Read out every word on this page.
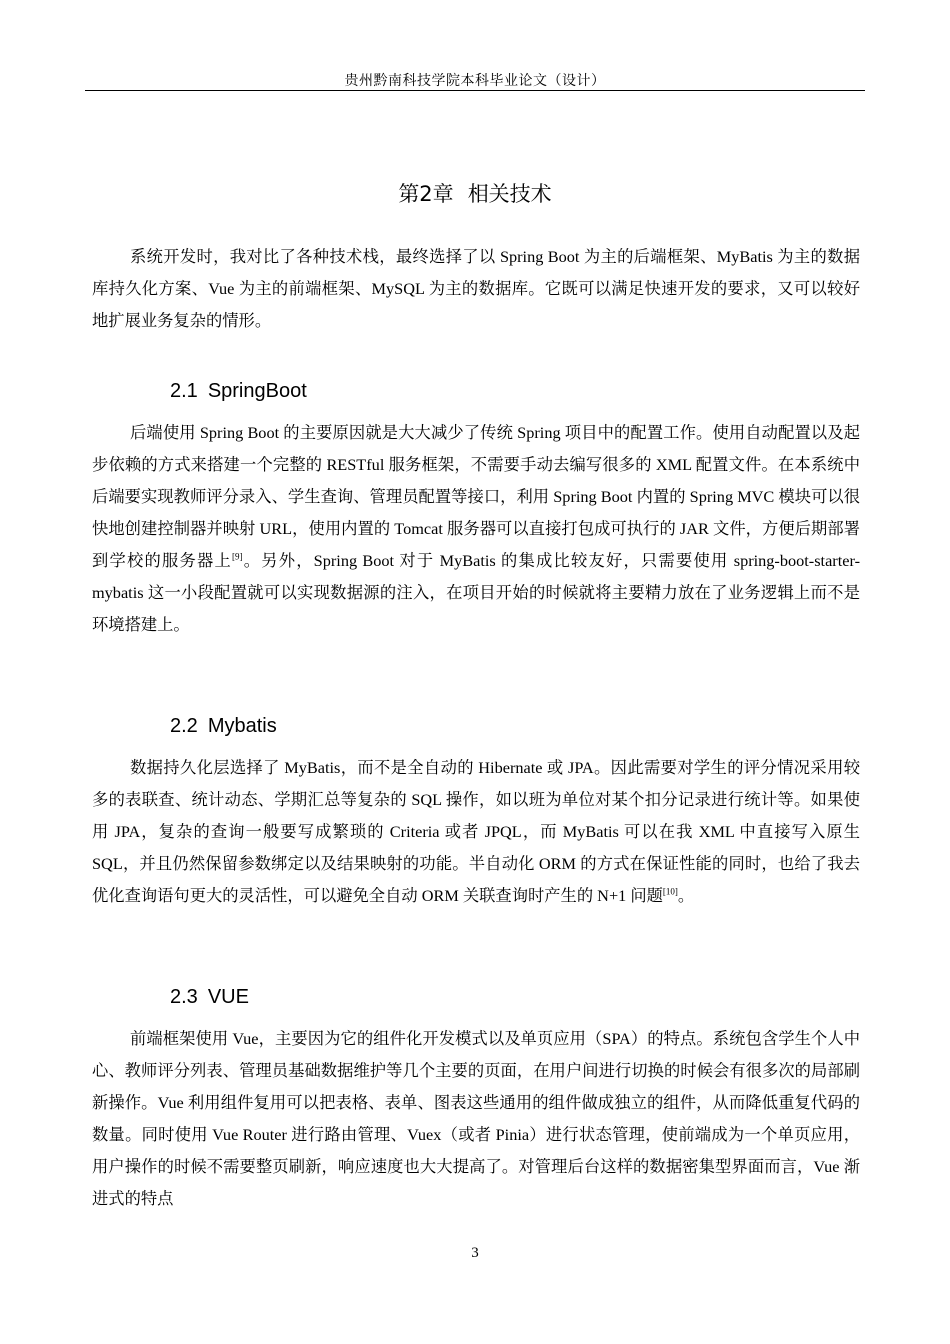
贵州黔南科技学院本科毕业论文（设计）
第2章 相关技术

系统开发时，我对比了各种技术栈，最终选择了以 Spring Boot 为主的后端框架、MyBatis 为主的数据库持久化方案、Vue 为主的前端框架、MySQL 为主的数据库。它既可以满足快速开发的要求，又可以较好地扩展业务复杂的情形。

2.1 SpringBoot

后端使用 Spring Boot 的主要原因就是大大减少了传统 Spring 项目中的配置工作。使用自动配置以及起步依赖的方式来搭建一个完整的 RESTful 服务框架，不需要手动去编写很多的 XML 配置文件。在本系统中后端要实现教师评分录入、学生查询、管理员配置等接口，利用 Spring Boot 内置的 Spring MVC 模块可以很快地创建控制器并映射 URL，使用内置的 Tomcat 服务器可以直接打包成可执行的 JAR 文件，方便后期部署到学校的服务器上[9]。另外，Spring Boot 对于 MyBatis 的集成比较友好，只需要使用 spring-boot-starter-mybatis 这一小段配置就可以实现数据源的注入，在项目开始的时候就将主要精力放在了业务逻辑上而不是环境搭建上。

2.2 Mybatis

数据持久化层选择了 MyBatis，而不是全自动的 Hibernate 或 JPA。因此需要对学生的评分情况采用较多的表联查、统计动态、学期汇总等复杂的 SQL 操作，如以班为单位对某个扣分记录进行统计等。如果使用 JPA，复杂的查询一般要写成繁琐的 Criteria 或者 JPQL，而 MyBatis 可以在我 XML 中直接写入原生 SQL，并且仍然保留参数绑定以及结果映射的功能。半自动化 ORM 的方式在保证性能的同时，也给了我去优化查询语句更大的灵活性，可以避免全自动 ORM 关联查询时产生的 N+1 问题[10]。

2.3 VUE

前端框架使用 Vue，主要因为它的组件化开发模式以及单页应用（SPA）的特点。系统包含学生个人中心、教师评分列表、管理员基础数据维护等几个主要的页面，在用户间进行切换的时候会有很多次的局部刷新操作。Vue 利用组件复用可以把表格、表单、图表这些通用的组件做成独立的组件，从而降低重复代码的数量。同时使用 Vue Router 进行路由管理、Vuex（或者 Pinia）进行状态管理，使前端成为一个单页应用，用户操作的时候不需要整页刷新，响应速度也大大提高了。对管理后台这样的数据密集型界面而言，Vue 渐进式的特点

3
